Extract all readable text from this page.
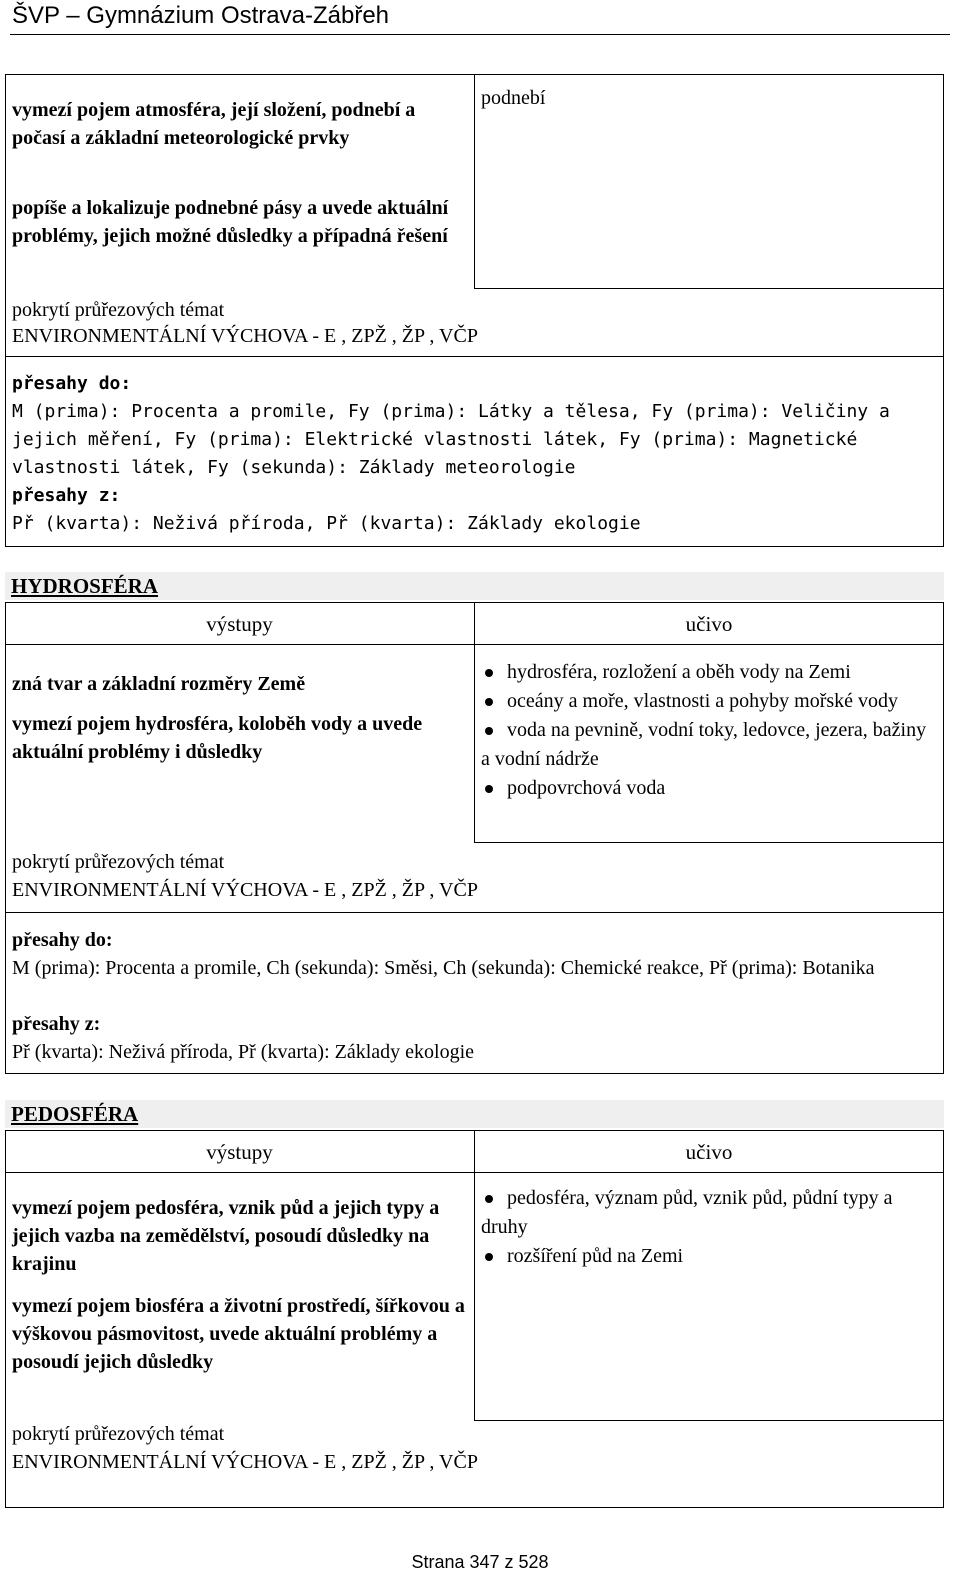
ŠVP – Gymnázium Ostrava-Zábřeh
vymezí pojem atmosféra, její složení, podnebí a počasí a základní meteorologické prvky
popíše a lokalizuje podnebné pásy a uvede aktuální problémy, jejich možné důsledky a případná řešení
podnebí
pokrytí průřezových témat
ENVIRONMENTÁLNÍ VÝCHOVA - E , ZPŽ , ŽP , VČP
přesahy do:
M (prima): Procenta a promile, Fy (prima): Látky a tělesa, Fy (prima): Veličiny a jejich měření, Fy (prima): Elektrické vlastnosti látek, Fy (prima): Magnetické vlastnosti látek, Fy (sekunda): Základy meteorologie
přesahy z:
Př (kvarta): Neživá příroda, Př (kvarta): Základy ekologie
HYDROSFÉRA
výstupy	učivo
zná tvar a základní rozměry Země
vymezí pojem hydrosféra, koloběh vody a uvede aktuální problémy i důsledky
hydrosféra, rozložení a oběh vody na Zemi
oceány a moře, vlastnosti a pohyby mořské vody
voda na pevnině, vodní toky, ledovce, jezera, bažiny a vodní nádrže
podpovrchová voda
pokrytí průřezových témat
ENVIRONMENTÁLNÍ VÝCHOVA - E , ZPŽ , ŽP , VČP
přesahy do:
M (prima): Procenta a promile, Ch (sekunda): Směsi, Ch (sekunda): Chemické reakce, Př (prima): Botanika
přesahy z:
Př (kvarta): Neživá příroda, Př (kvarta): Základy ekologie
PEDOSFÉRA
výstupy	učivo
vymezí pojem pedosféra, vznik půd a jejich typy a jejich vazba na zemědělství, posoudí důsledky na krajinu
vymezí pojem biosféra a životní prostředí, šířkovou a výškovou pásmovitost, uvede aktuální problémy a posoudí jejich důsledky
pedosféra, význam půd, vznik půd, půdní typy a druhy
rozšíření půd na Zemi
pokrytí průřezových témat
ENVIRONMENTÁLNÍ VÝCHOVA - E , ZPŽ , ŽP , VČP
Strana 347 z 528
